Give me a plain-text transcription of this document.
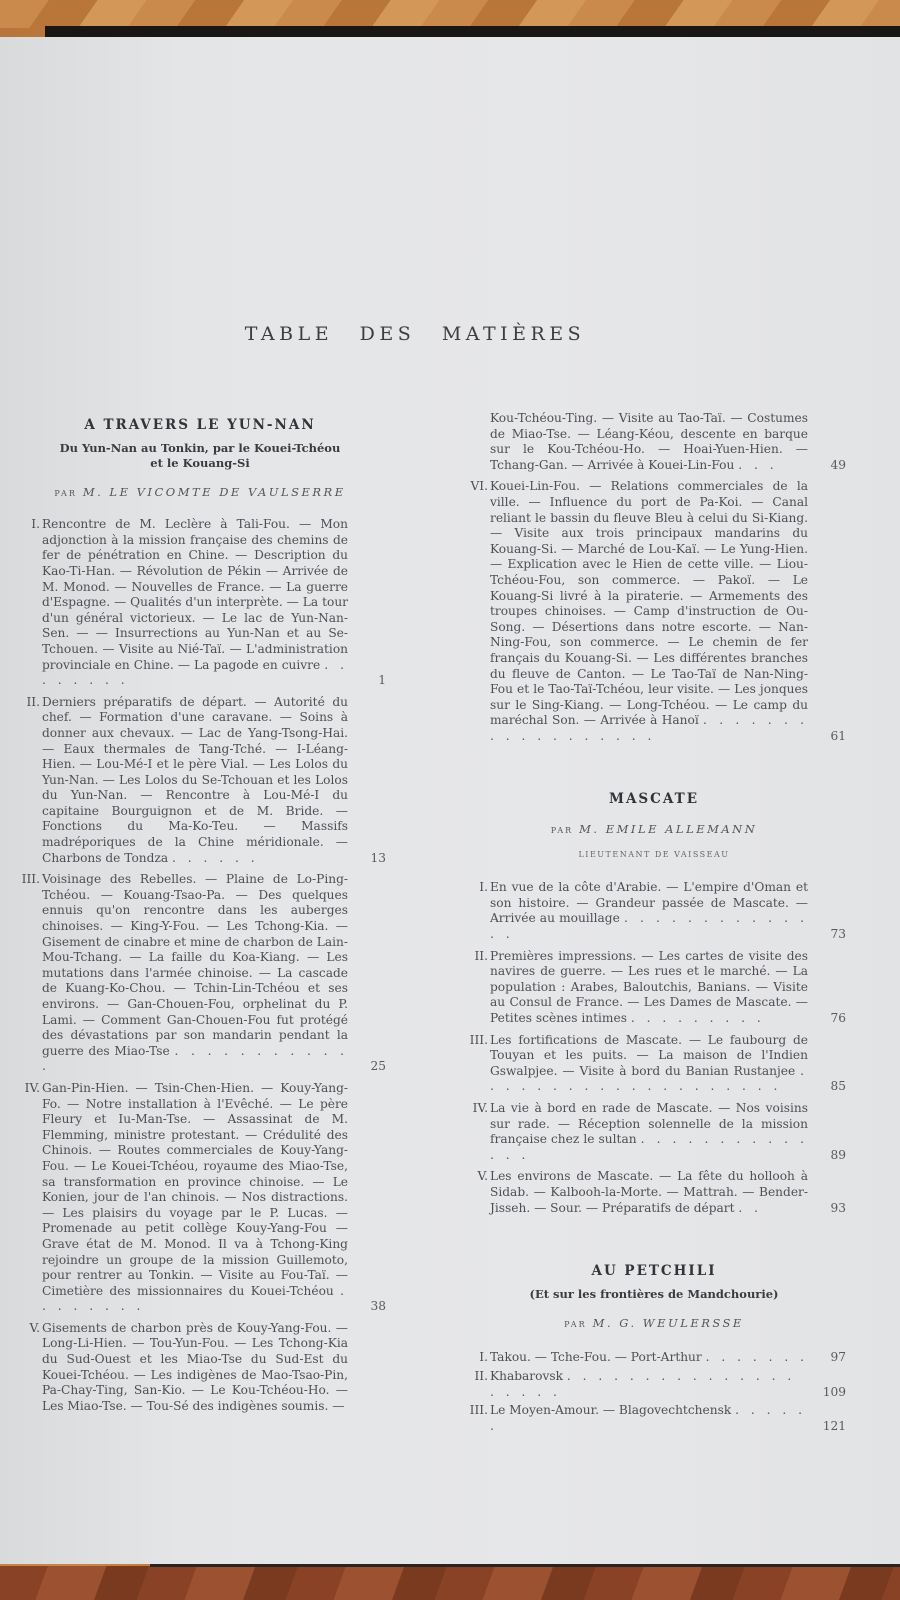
TABLE DES MATIÈRES
A TRAVERS LE YUN-NAN
Du Yun-Nan au Tonkin, par le Kouei-Tchéou
et le Kouang-Si
PAR M. LE VICOMTE DE VAULSERRE
I. Rencontre de M. Leclère à Tali-Fou. — Mon adjonction à la mission française des chemins de fer de pénétration en Chine. — Description du Kao-Ti-Han. — Révolution de Pékin — Arrivée de M. Monod. — Nouvelles de France. — La guerre d'Espagne. — Qualités d'un interprète. — La tour d'un général victorieux. — Le lac de Yun-Nan-Sen. — — Insurrections au Yun-Nan et au Se-Tchouen. — Visite au Nié-Taï. — L'administration provinciale en Chine. — La pagode en cuivre . . . . . . . .	1
II. Derniers préparatifs de départ. — Autorité du chef. — Formation d'une caravane. — Soins à donner aux chevaux. — Lac de Yang-Tsong-Hai. — Eaux thermales de Tang-Tché. — I-Léang-Hien. — Lou-Mé-I et le père Vial. — Les Lolos du Yun-Nan. — Les Lolos du Se-Tchouan et les Lolos du Yun-Nan. — Rencontre à Lou-Mé-I du capitaine Bourguignon et de M. Bride. — Fonctions du Ma-Ko-Teu. — Massifs madréporiques de la Chine méridionale. — Charbons de Tondza . . . . . .	13
III. Voisinage des Rebelles. — Plaine de Lo-Ping-Tchéou. — Kouang-Tsao-Pa. — Des quelques ennuis qu'on rencontre dans les auberges chinoises. — King-Y-Fou. — Les Tchong-Kia. — Gisement de cinabre et mine de charbon de Lain-Mou-Tchang. — La faille du Koa-Kiang. — Les mutations dans l'armée chinoise. — La cascade de Kuang-Ko-Chou. — Tchin-Lin-Tchéou et ses environs. — Gan-Chouen-Fou, orphelinat du P. Lami. — Comment Gan-Chouen-Fou fut protégé des dévastations par son mandarin pendant la guerre des Miao-Tse . . . . . . . . . . . .	25
IV. Gan-Pin-Hien. — Tsin-Chen-Hien. — Kouy-Yang-Fo. — Notre installation à l'Evêché. — Le père Fleury et Iu-Man-Tse. — Assassinat de M. Flemming, ministre protestant. — Crédulité des Chinois. — Routes commerciales de Kouy-Yang-Fou. — Le Kouei-Tchéou, royaume des Miao-Tse, sa transformation en province chinoise. — Le Konien, jour de l'an chinois. — Nos distractions. — Les plaisirs du voyage par le P. Lucas. — Promenade au petit collège Kouy-Yang-Fou — Grave état de M. Monod. Il va à Tchong-King rejoindre un groupe de la mission Guillemoto, pour rentrer au Tonkin. — Visite au Fou-Taï. — Cimetière des missionnaires du Kouei-Tchéou . . . . . . . .	38
V. Gisements de charbon près de Kouy-Yang-Fou. — Long-Li-Hien. — Tou-Yun-Fou. — Les Tchong-Kia du Sud-Ouest et les Miao-Tse du Sud-Est du Kouei-Tchéou. — Les indigènes de Mao-Tsao-Pin, Pa-Chay-Ting, San-Kio. — Le Kou-Tchéou-Ho. — Les Miao-Tse. — Tou-Sé des indigènes soumis. —
Kou-Tchéou-Ting. — Visite au Tao-Taï. — Costumes de Miao-Tse. — Léang-Kéou, descente en barque sur le Kou-Tchéou-Ho. — Hoai-Yuen-Hien. — Tchang-Gan. — Arrivée à Kouei-Lin-Fou . . .	49
VI. Kouei-Lin-Fou. — Relations commerciales de la ville. — Influence du port de Pa-Koi. — Canal reliant le bassin du fleuve Bleu à celui du Si-Kiang. — Visite aux trois principaux mandarins du Kouang-Si. — Marché de Lou-Kaï. — Le Yung-Hien. — Explication avec le Hien de cette ville. — Liou-Tchéou-Fou, son commerce. — Pakoï. — Le Kouang-Si livré à la piraterie. — Armements des troupes chinoises. — Camp d'instruction de Ou-Song. — Désertions dans notre escorte. — Nan-Ning-Fou, son commerce. — Le chemin de fer français du Kouang-Si. — Les différentes branches du fleuve de Canton. — Le Tao-Taï de Nan-Ning-Fou et le Tao-Taï-Tchéou, leur visite. — Les jonques sur le Sing-Kiang. — Long-Tchéou. — Le camp du maréchal Son. — Arrivée à Hanoï . . . . . . . . . . . . . . . . . .	61
MASCATE
PAR M. EMILE ALLEMANN
LIEUTENANT DE VAISSEAU
I. En vue de la côte d'Arabie. — L'empire d'Oman et son histoire. — Grandeur passée de Mascate. — Arrivée au mouillage . . . . . . . . . . . . . .	73
II. Premières impressions. — Les cartes de visite des navires de guerre. — Les rues et le marché. — La population : Arabes, Baloutchis, Banians. — Visite au Consul de France. — Les Dames de Mascate. — Petites scènes intimes . . . . . . . . .	76
III. Les fortifications de Mascate. — Le faubourg de Touyan et les puits. — La maison de l'Indien Gswalpjee. — Visite à bord du Banian Rustanjee . . . . . . . . . . . . . . . . . . . .	85
IV. La vie à bord en rade de Mascate. — Nos voisins sur rade. — Réception solennelle de la mission française chez le sultan . . . . . . . . . . . . . .	89
V. Les environs de Mascate. — La fête du hollooh à Sidab. — Kalbooh-la-Morte. — Mattrah. — Bender-Jisseh. — Sour. — Préparatifs de départ . .	93
AU PETCHILI
(Et sur les frontières de Mandchourie)
PAR M. G. WEULERSSE
I. Takou. — Tche-Fou. — Port-Arthur . . . . . . .	97
II. Khabarovsk . . . . . . . . . . . . . . . . . . . .	109
III. Le Moyen-Amour. — Blagovechtchensk . . . . . .	121
